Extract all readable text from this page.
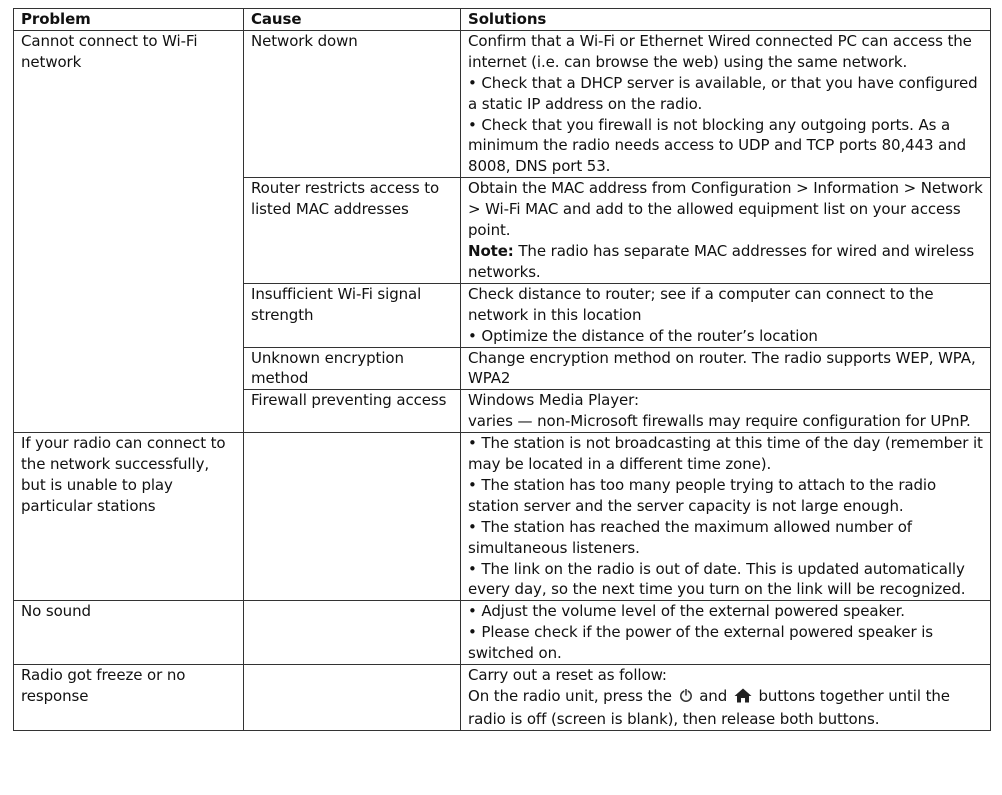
Problem	Cause	Solutions
Cannot connect to Wi-Fi network	Network down	Confirm that a Wi-Fi or Ethernet Wired connected PC can access the internet (i.e. can browse the web) using the same network.
• Check that a DHCP server is available, or that you have configured a static IP address on the radio.
• Check that you firewall is not blocking any outgoing ports. As a minimum the radio needs access to UDP and TCP ports 80,443 and 8008, DNS port 53.

	Router restricts access to listed MAC addresses	Obtain the MAC address from Configuration > Information > Network > Wi-Fi MAC and add to the allowed equipment list on your access point.
Note: The radio has separate MAC addresses for wired and wireless networks.

	Insufficient Wi-Fi signal strength	Check distance to router; see if a computer can connect to the network in this location
• Optimize the distance of the router’s location

	Unknown encryption method	Change encryption method on router. The radio supports WEP, WPA, WPA2

	Firewall preventing access	Windows Media Player:
varies — non-Microsoft firewalls may require configuration for UPnP.

If your radio can connect to the network successfully, but is unable to play particular stations		• The station is not broadcasting at this time of the day (remember it may be located in a different time zone).
• The station has too many people trying to attach to the radio station server and the server capacity is not large enough.
• The station has reached the maximum allowed number of simultaneous listeners.
• The link on the radio is out of date. This is updated automatically every day, so the next time you turn on the link will be recognized.

No sound		• Adjust the volume level of the external powered speaker.
• Please check if the power of the external powered speaker is switched on.

Radio got freeze or no response		Carry out a reset as follow:
On the radio unit, press the and buttons together until the radio is off (screen is blank), then release both buttons.
